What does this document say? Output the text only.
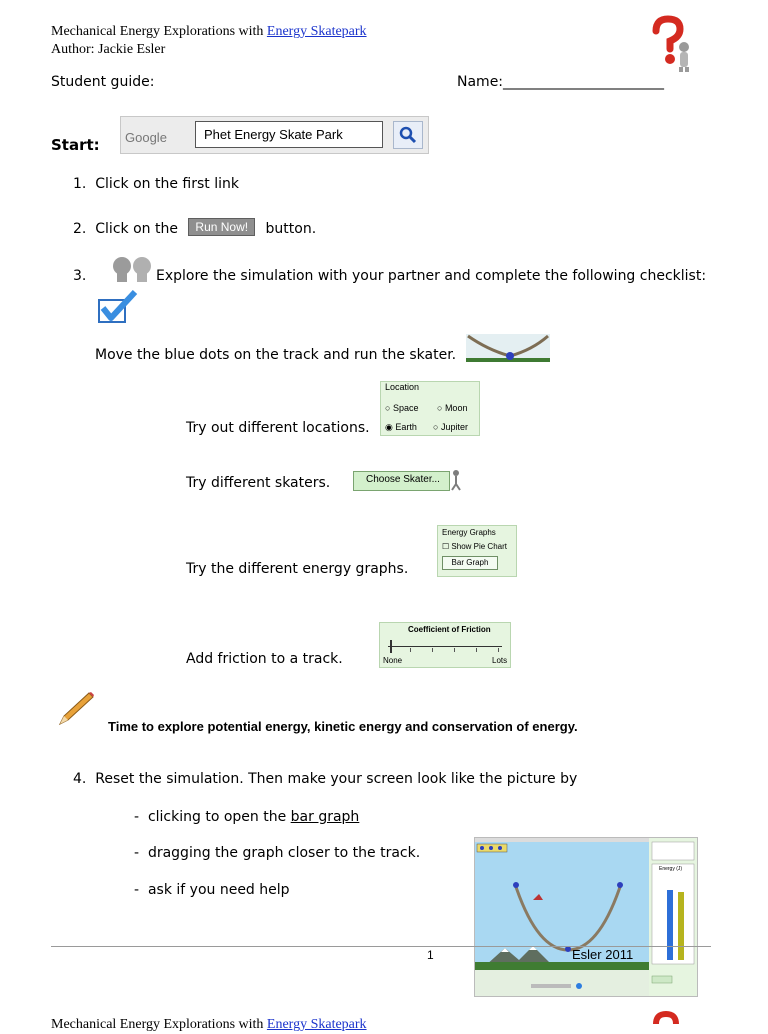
Mechanical Energy Explorations with Energy Skatepark
Author: Jackie Esler
Student guide:	Name:_______________________
Start: Google	Phet Energy Skate Park
1. Click on the first link
2. Click on the Run Now! button.
3.	Explore the simulation with your partner and complete the following checklist:
Move the blue dots on the track and run the skater.
Try out different locations.
Location
○ Space ○ Moon
◉ Earth ○ Jupiter
Try different skaters.	Choose Skater...
Try the different energy graphs.
Energy Graphs
☐ Show Pie Chart
Bar Graph
Add friction to a track.
Coefficient of Friction
None	Lots
Time to explore potential energy, kinetic energy and conservation of energy.
4. Reset the simulation. Then make your screen look like the picture by
-  clicking to open the bar graph
-  dragging the graph closer to the track.
-  ask if you need help
Energy (J)
1	Esler 2011
Mechanical Energy Explorations with Energy Skatepark
